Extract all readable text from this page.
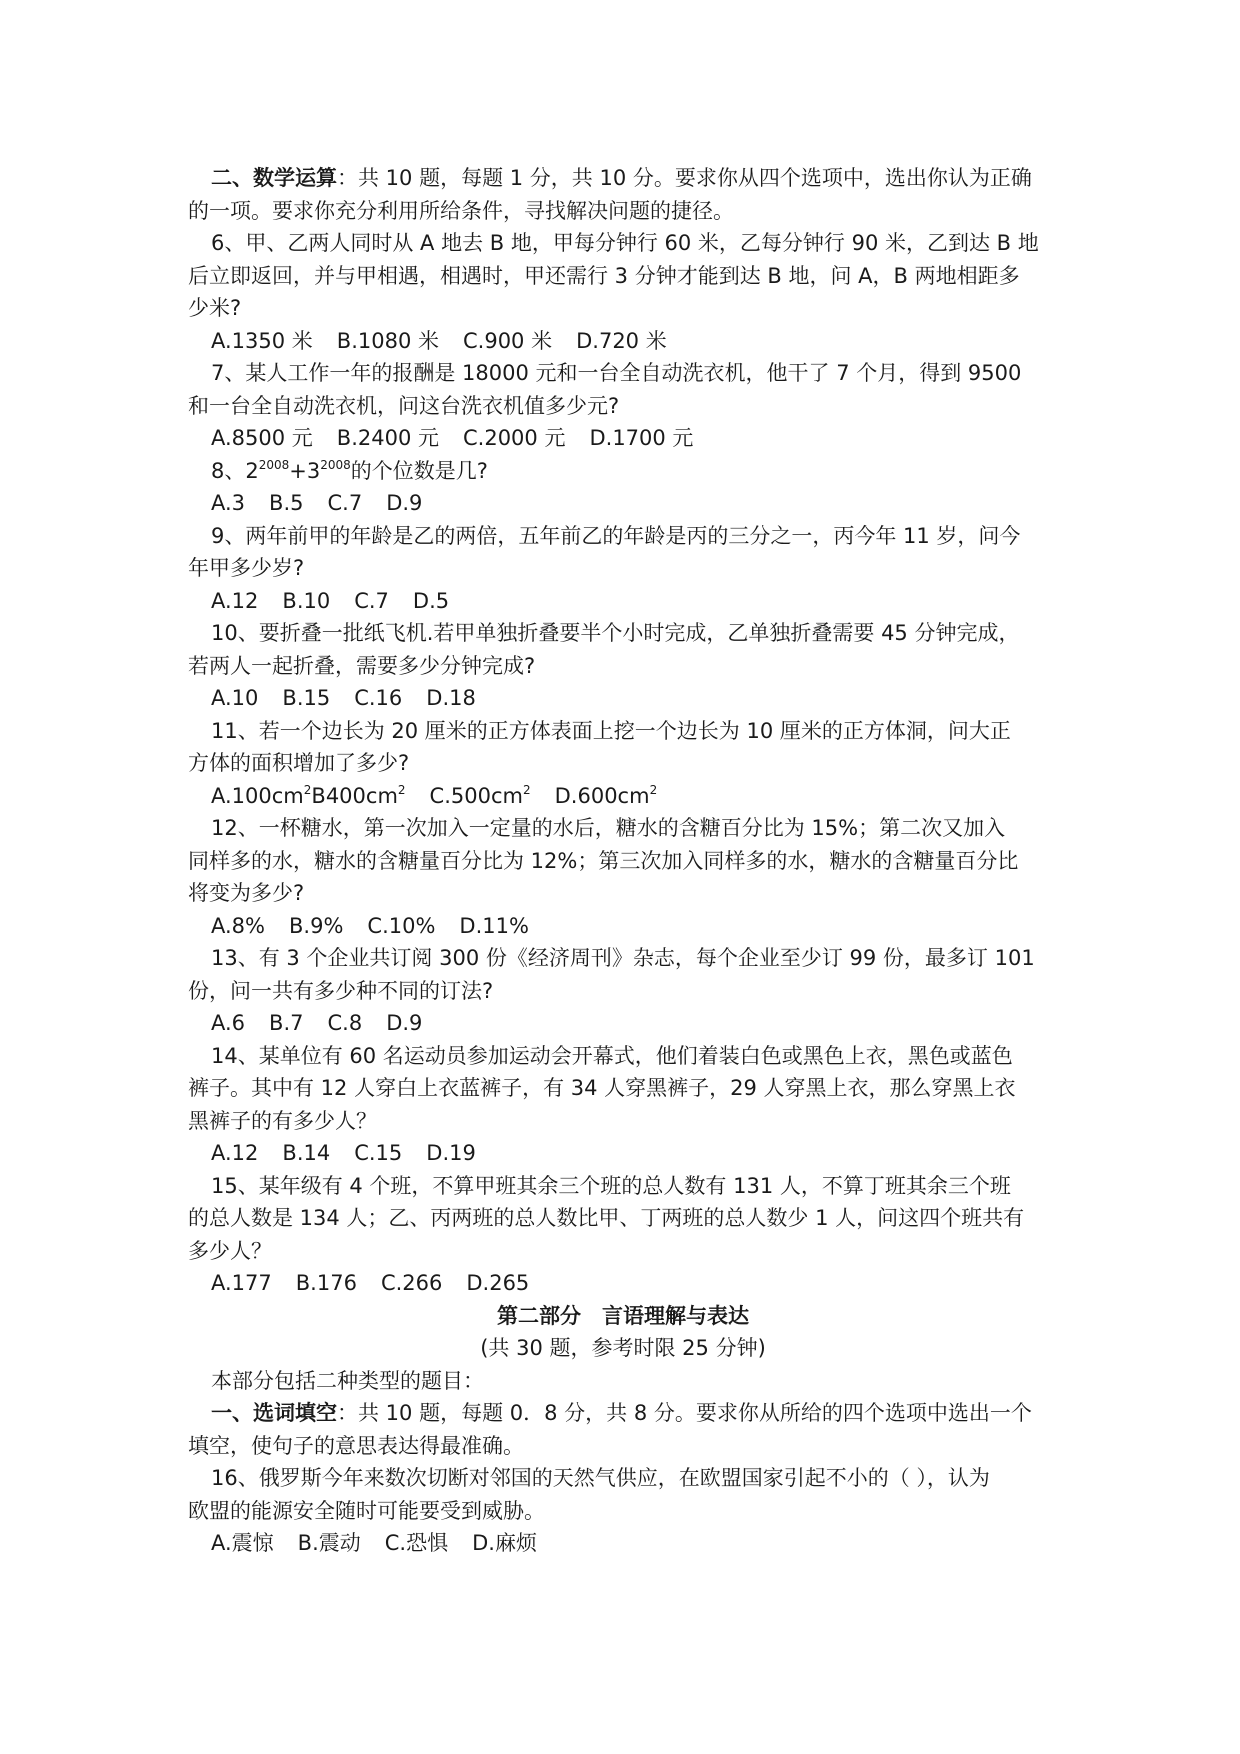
二、数学运算：共 10 题，每题 1 分，共 10 分。要求你从四个选项中，选出你认为正确
的一项。要求你充分利用所给条件，寻找解决问题的捷径。
6、甲、乙两人同时从 A 地去 B 地，甲每分钟行 60 米，乙每分钟行 90 米，乙到达 B 地
后立即返回，并与甲相遇，相遇时，甲还需行 3 分钟才能到达 B 地，问 A，B 两地相距多
少米?
A.1350 米 B.1080 米 C.900 米 D.720 米
7、某人工作一年的报酬是 18000 元和一台全自动洗衣机，他干了 7 个月，得到 9500
和一台全自动洗衣机，问这台洗衣机值多少元?
A.8500 元 B.2400 元 C.2000 元 D.1700 元
8、$2^{2008}+3^{2008}$的个位数是几?
A.3 B.5 C.7 D.9
9、两年前甲的年龄是乙的两倍，五年前乙的年龄是丙的三分之一，丙今年 11 岁，问今
年甲多少岁?
A.12 B.10 C.7 D.5
10、要折叠一批纸飞机.若甲单独折叠要半个小时完成，乙单独折叠需要 45 分钟完成，
若两人一起折叠，需要多少分钟完成?
A.10 B.15 C.16 D.18
11、若一个边长为 20 厘米的正方体表面上挖一个边长为 10 厘米的正方体洞，问大正
方体的面积增加了多少?
$A.100cm^2B400cm^2$ $C.500cm^2$ $D.600cm^2$
12、一杯糖水，第一次加入一定量的水后，糖水的含糖百分比为 15%；第二次又加入
同样多的水，糖水的含糖量百分比为 12%；第三次加入同样多的水，糖水的含糖量百分比
将变为多少?
A.8% B.9% C.10% D.11%
13、有 3 个企业共订阅 300 份《经济周刊》杂志，每个企业至少订 99 份，最多订 101
份，问一共有多少种不同的订法?
A.6 B.7 C.8 D.9
14、某单位有 60 名运动员参加运动会开幕式，他们着装白色或黑色上衣，黑色或蓝色
裤子。其中有 12 人穿白上衣蓝裤子，有 34 人穿黑裤子，29 人穿黑上衣，那么穿黑上衣
黑裤子的有多少人？
A.12 B.14 C.15 D.19
15、某年级有 4 个班，不算甲班其余三个班的总人数有 131 人，不算丁班其余三个班
的总人数是 134 人；乙、丙两班的总人数比甲、丁两班的总人数少 1 人，问这四个班共有
多少人？
A.177 B.176 C.266 D.265
第二部分　言语理解与表达
(共 30 题，参考时限 25 分钟)
本部分包括二种类型的题目：
一、选词填空：共 10 题，每题 0．8 分，共 8 分。要求你从所给的四个选项中选出一个
填空，使句子的意思表达得最准确。
16、俄罗斯今年来数次切断对邻国的天然气供应，在欧盟国家引起不小的（ ），认为
欧盟的能源安全随时可能要受到威胁。
A.震惊 B.震动 C.恐惧 D.麻烦
